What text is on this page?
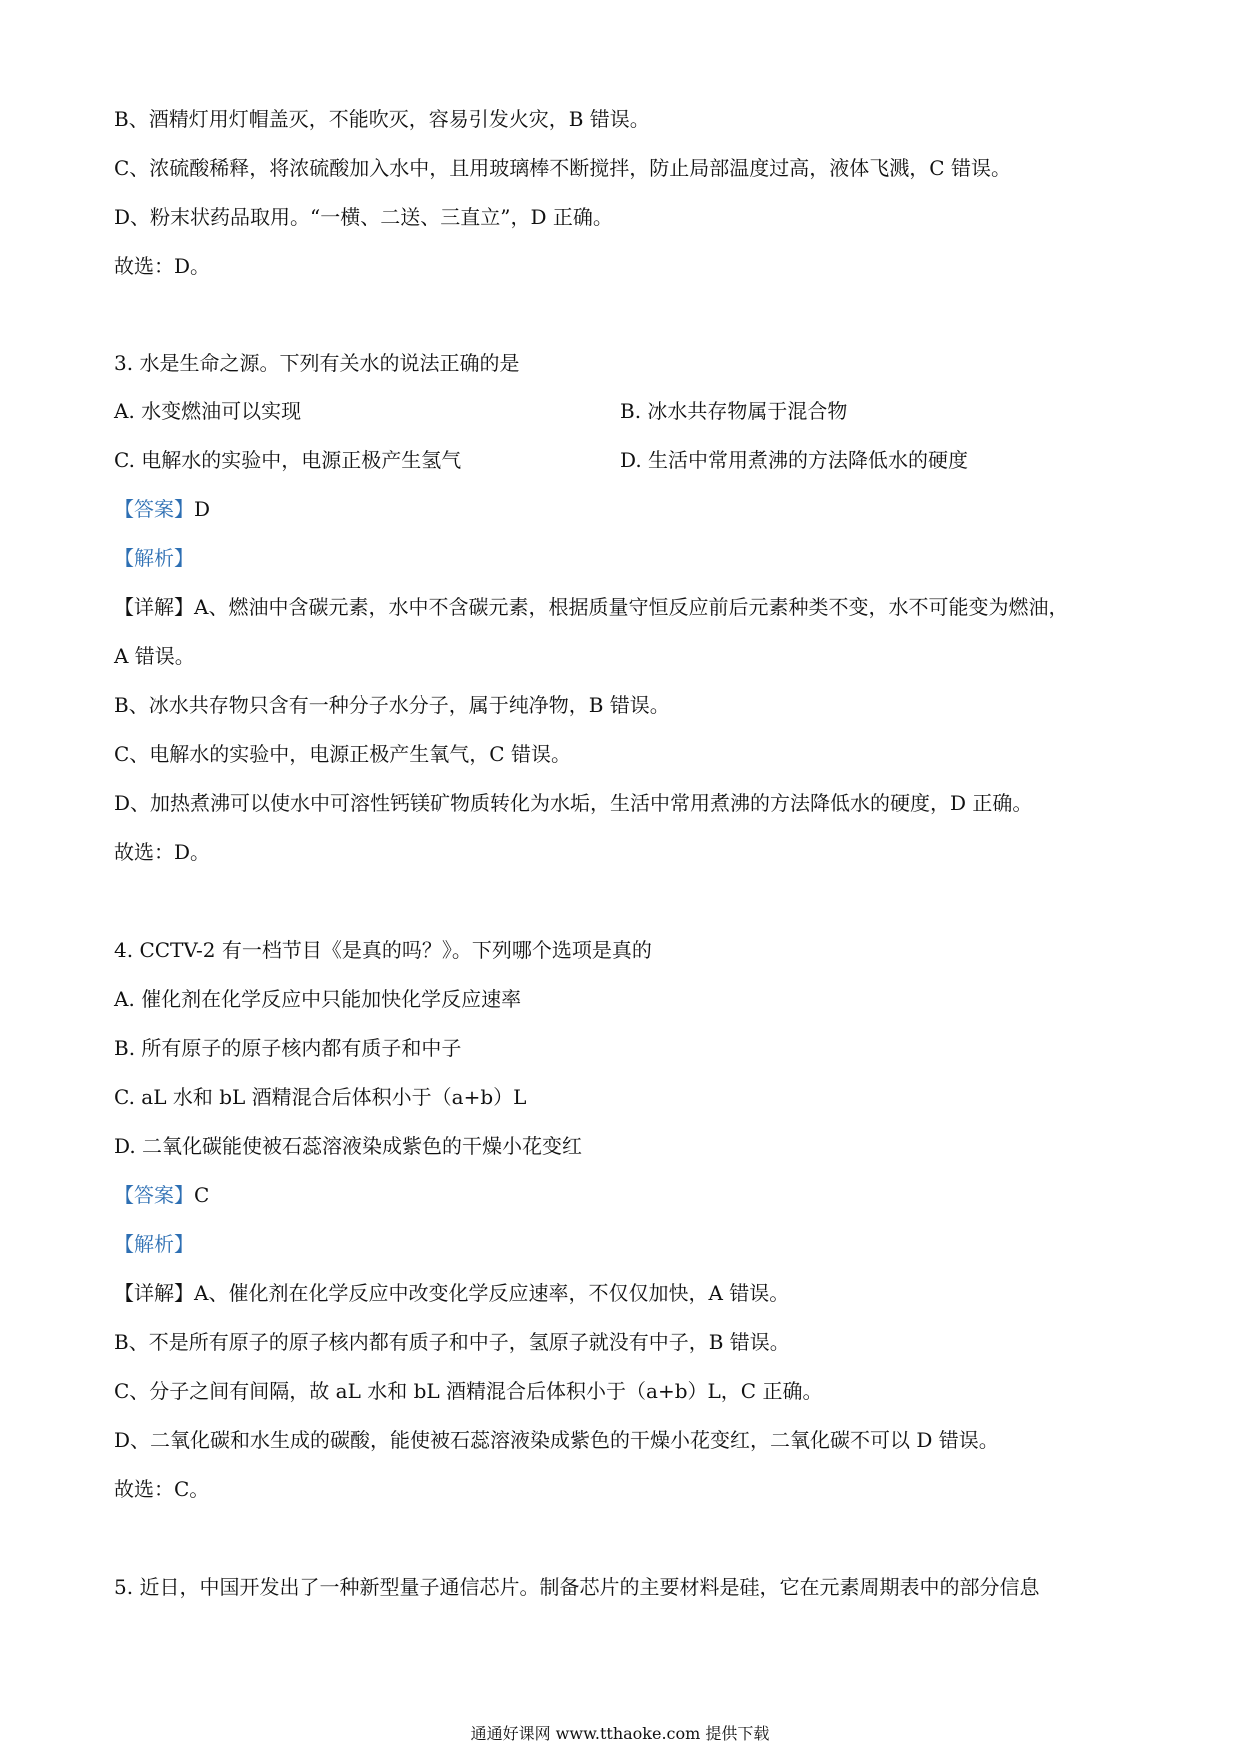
B、酒精灯用灯帽盖灭，不能吹灭，容易引发火灾，B 错误。
C、浓硫酸稀释，将浓硫酸加入水中，且用玻璃棒不断搅拌，防止局部温度过高，液体飞溅，C 错误。
D、粉末状药品取用。“一横、二送、三直立”，D 正确。
故选：D。
3. 水是生命之源。下列有关水的说法正确的是
A. 水变燃油可以实现	B. 冰水共存物属于混合物
C. 电解水的实验中，电源正极产生氢气	D. 生活中常用煮沸的方法降低水的硬度
【答案】D
【解析】
【详解】A、燃油中含碳元素，水中不含碳元素，根据质量守恒反应前后元素种类不变，水不可能变为燃油，
A 错误。
B、冰水共存物只含有一种分子水分子，属于纯净物，B 错误。
C、电解水的实验中，电源正极产生氧气，C 错误。
D、加热煮沸可以使水中可溶性钙镁矿物质转化为水垢，生活中常用煮沸的方法降低水的硬度，D 正确。
故选：D。
4. CCTV-2 有一档节目《是真的吗？》。下列哪个选项是真的
A. 催化剂在化学反应中只能加快化学反应速率
B. 所有原子的原子核内都有质子和中子
C. aL 水和 bL 酒精混合后体积小于（a+b）L
D. 二氧化碳能使被石蕊溶液染成紫色的干燥小花变红
【答案】C
【解析】
【详解】A、催化剂在化学反应中改变化学反应速率，不仅仅加快，A 错误。
B、不是所有原子的原子核内都有质子和中子，氢原子就没有中子，B 错误。
C、分子之间有间隔，故 aL 水和 bL 酒精混合后体积小于（a+b）L，C 正确。
D、二氧化碳和水生成的碳酸，能使被石蕊溶液染成紫色的干燥小花变红，二氧化碳不可以 D 错误。
故选：C。
5. 近日，中国开发出了一种新型量子通信芯片。制备芯片的主要材料是硅，它在元素周期表中的部分信息
通通好课网 www.tthaoke.com 提供下载
